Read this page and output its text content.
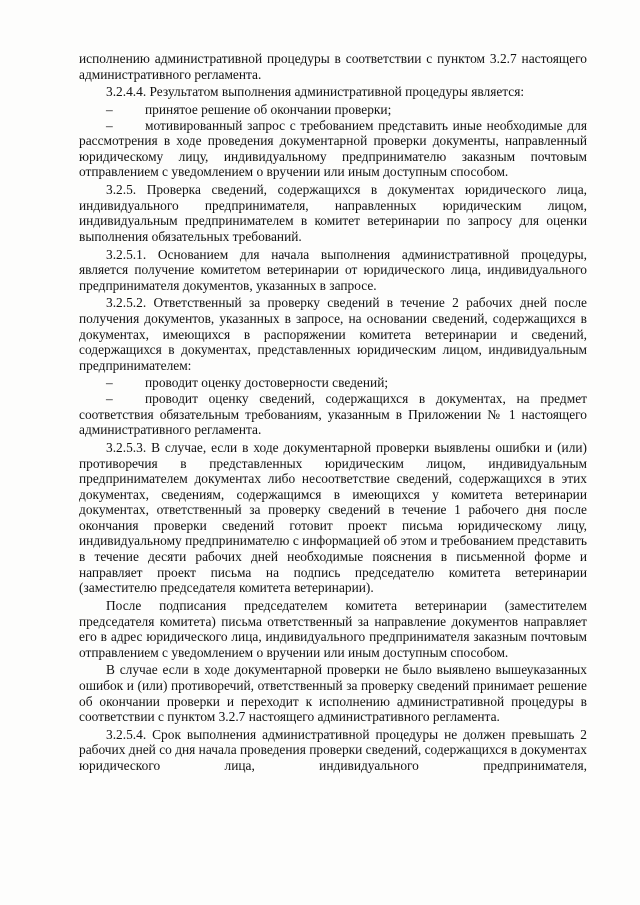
исполнению административной процедуры в соответствии с пунктом 3.2.7 настоящего административного регламента.

3.2.4.4. Результатом выполнения административной процедуры является:

–	принятое решение об окончании проверки;

– мотивированный запрос с требованием представить иные необходимые для рассмотрения в ходе проведения документарной проверки документы, направленный юридическому лицу, индивидуальному предпринимателю заказным почтовым отправлением с уведомлением о вручении или иным доступным способом.

3.2.5. Проверка сведений, содержащихся в документах юридического лица, индивидуального предпринимателя, направленных юридическим лицом, индивидуальным предпринимателем в комитет ветеринарии по запросу для оценки выполнения обязательных требований.

3.2.5.1. Основанием для начала выполнения административной процедуры, является получение комитетом ветеринарии от юридического лица, индивидуального предпринимателя документов, указанных в запросе.

3.2.5.2. Ответственный за проверку сведений в течение 2 рабочих дней после получения документов, указанных в запросе, на основании сведений, содержащихся в документах, имеющихся в распоряжении комитета ветеринарии и сведений, содержащихся в документах, представленных юридическим лицом, индивидуальным предпринимателем:

–	проводит оценку достоверности сведений;

– проводит оценку сведений, содержащихся в документах, на предмет соответствия обязательным требованиям, указанным в Приложении № 1 настоящего административного регламента.

3.2.5.3. В случае, если в ходе документарной проверки выявлены ошибки и (или) противоречия в представленных юридическим лицом, индивидуальным предпринимателем документах либо несоответствие сведений, содержащихся в этих документах, сведениям, содержащимся в имеющихся у комитета ветеринарии документах, ответственный за проверку сведений в течение 1 рабочего дня после окончания проверки сведений готовит проект письма юридическому лицу, индивидуальному предпринимателю с информацией об этом и требованием представить в течение десяти рабочих дней необходимые пояснения в письменной форме и направляет проект письма на подпись председателю комитета ветеринарии (заместителю председателя комитета ветеринарии).

После подписания председателем комитета ветеринарии (заместителем председателя комитета) письма ответственный за направление документов направляет его в адрес юридического лица, индивидуального предпринимателя заказным почтовым отправлением с уведомлением о вручении или иным доступным способом.

В случае если в ходе документарной проверки не было выявлено вышеуказанных ошибок и (или) противоречий, ответственный за проверку сведений принимает решение об окончании проверки и переходит к исполнению административной процедуры в соответствии с пунктом 3.2.7 настоящего административного регламента.

3.2.5.4. Срок выполнения административной процедуры не должен превышать 2 рабочих дней со дня начала проведения проверки сведений, содержащихся в документах юридического лица, индивидуального предпринимателя,
